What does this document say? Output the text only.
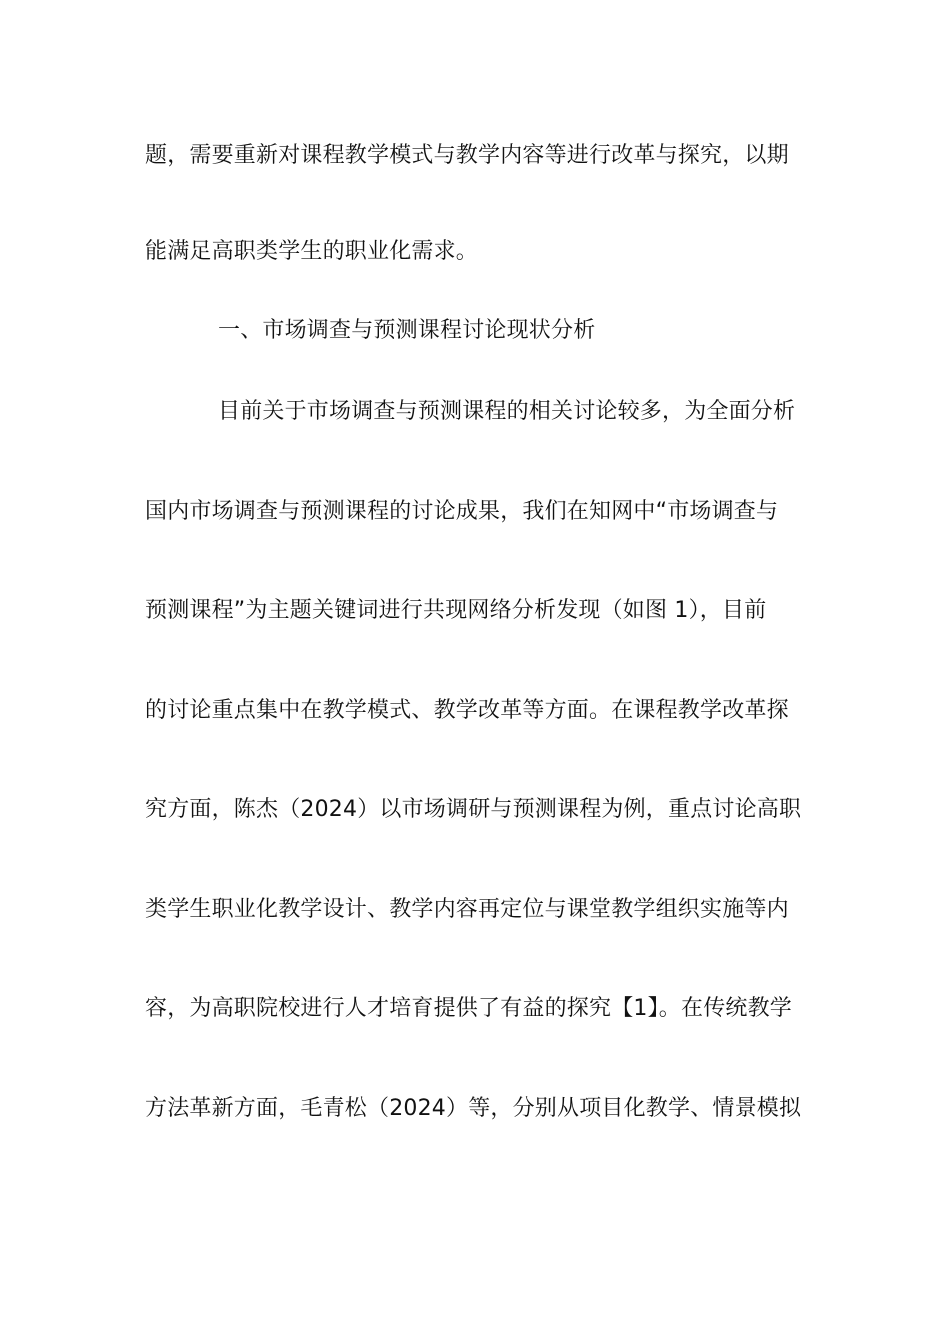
题，需要重新对课程教学模式与教学内容等进行改革与探究，以期
能满足高职类学生的职业化需求。
一、市场调查与预测课程讨论现状分析
目前关于市场调查与预测课程的相关讨论较多，为全面分析
国内市场调查与预测课程的讨论成果，我们在知网中“市场调查与
预测课程”为主题关键词进行共现网络分析发现（如图 1），目前
的讨论重点集中在教学模式、教学改革等方面。在课程教学改革探
究方面，陈杰（2024）以市场调研与预测课程为例，重点讨论高职
类学生职业化教学设计、教学内容再定位与课堂教学组织实施等内
容，为高职院校进行人才培育提供了有益的探究【1】。在传统教学
方法革新方面，毛青松（2024）等，分别从项目化教学、情景模拟
